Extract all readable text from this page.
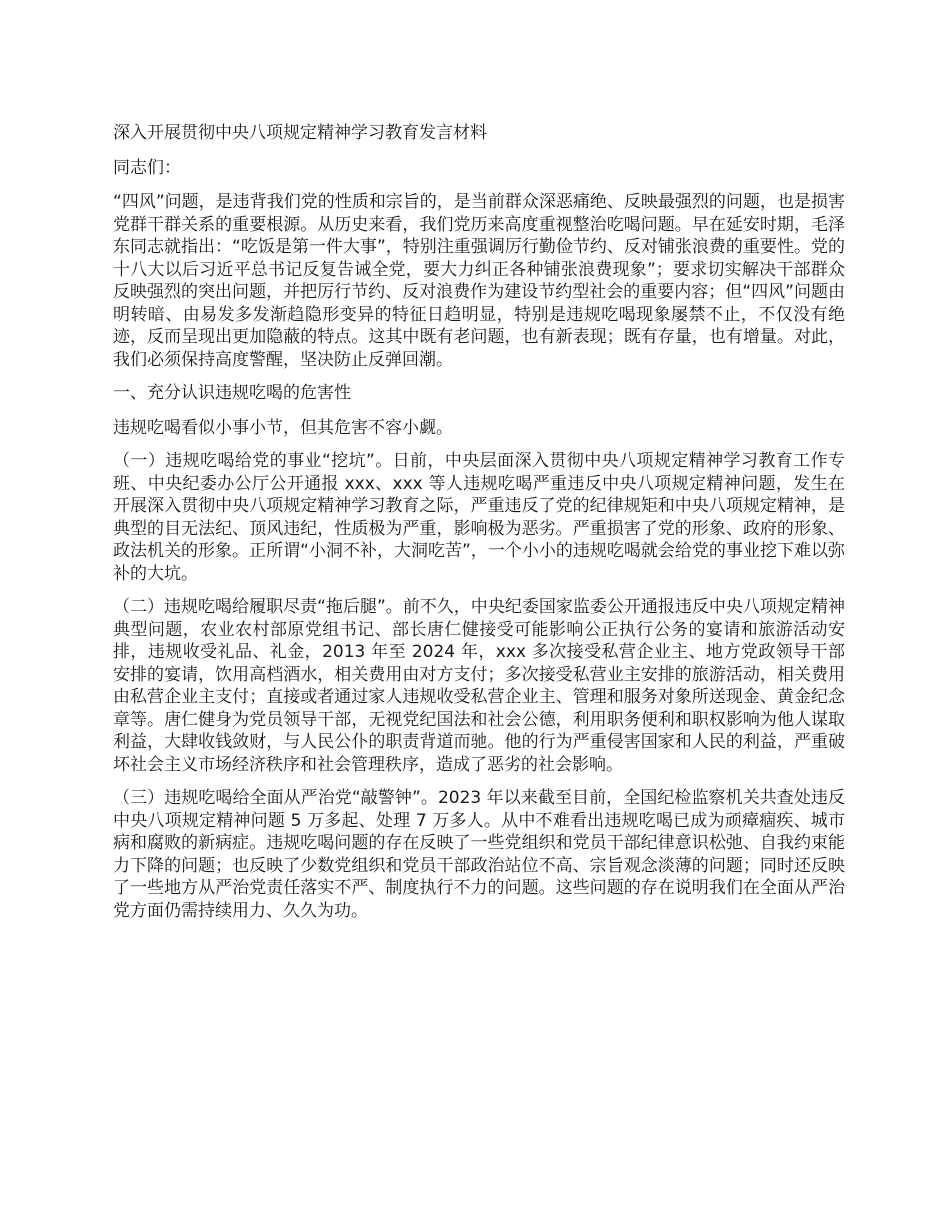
深入开展贯彻中央八项规定精神学习教育发言材料

同志们：

“四风”问题，是违背我们党的性质和宗旨的，是当前群众深恶痛绝、反映最强烈的问题，也是损害党群干群关系的重要根源。从历史来看，我们党历来高度重视整治吃喝问题。早在延安时期，毛泽东同志就指出：“吃饭是第一件大事”，特别注重强调厉行勤俭节约、反对铺张浪费的重要性。党的十八大以后习近平总书记反复告诫全党，要大力纠正各种铺张浪费现象”；要求切实解决干部群众反映强烈的突出问题，并把厉行节约、反对浪费作为建设节约型社会的重要内容；但“四风”问题由明转暗、由易发多发渐趋隐形变异的特征日趋明显，特别是违规吃喝现象屡禁不止，不仅没有绝迹，反而呈现出更加隐蔽的特点。这其中既有老问题，也有新表现；既有存量，也有增量。对此，我们必须保持高度警醒，坚决防止反弹回潮。

一、充分认识违规吃喝的危害性

违规吃喝看似小事小节，但其危害不容小觑。

（一）违规吃喝给党的事业“挖坑”。日前，中央层面深入贯彻中央八项规定精神学习教育工作专班、中央纪委办公厅公开通报 xxx、xxx 等人违规吃喝严重违反中央八项规定精神问题，发生在开展深入贯彻中央八项规定精神学习教育之际，严重违反了党的纪律规矩和中央八项规定精神，是典型的目无法纪、顶风违纪，性质极为严重，影响极为恶劣。严重损害了党的形象、政府的形象、政法机关的形象。正所谓“小洞不补，大洞吃苦”，一个小小的违规吃喝就会给党的事业挖下难以弥补的大坑。

（二）违规吃喝给履职尽责“拖后腿”。前不久，中央纪委国家监委公开通报违反中央八项规定精神典型问题，农业农村部原党组书记、部长唐仁健接受可能影响公正执行公务的宴请和旅游活动安排，违规收受礼品、礼金，2013 年至 2024 年，xxx 多次接受私营企业主、地方党政领导干部安排的宴请，饮用高档酒水，相关费用由对方支付；多次接受私营业主安排的旅游活动，相关费用由私营企业主支付；直接或者通过家人违规收受私营企业主、管理和服务对象所送现金、黄金纪念章等。唐仁健身为党员领导干部，无视党纪国法和社会公德，利用职务便利和职权影响为他人谋取利益，大肆收钱敛财，与人民公仆的职责背道而驰。他的行为严重侵害国家和人民的利益，严重破坏社会主义市场经济秩序和社会管理秩序，造成了恶劣的社会影响。

（三）违规吃喝给全面从严治党“敲警钟”。2023 年以来截至目前，全国纪检监察机关共查处违反中央八项规定精神问题 5 万多起、处理 7 万多人。从中不难看出违规吃喝已成为顽瘴痼疾、城市病和腐败的新病症。违规吃喝问题的存在反映了一些党组织和党员干部纪律意识松弛、自我约束能力下降的问题；也反映了少数党组织和党员干部政治站位不高、宗旨观念淡薄的问题；同时还反映了一些地方从严治党责任落实不严、制度执行不力的问题。这些问题的存在说明我们在全面从严治党方面仍需持续用力、久久为功。
